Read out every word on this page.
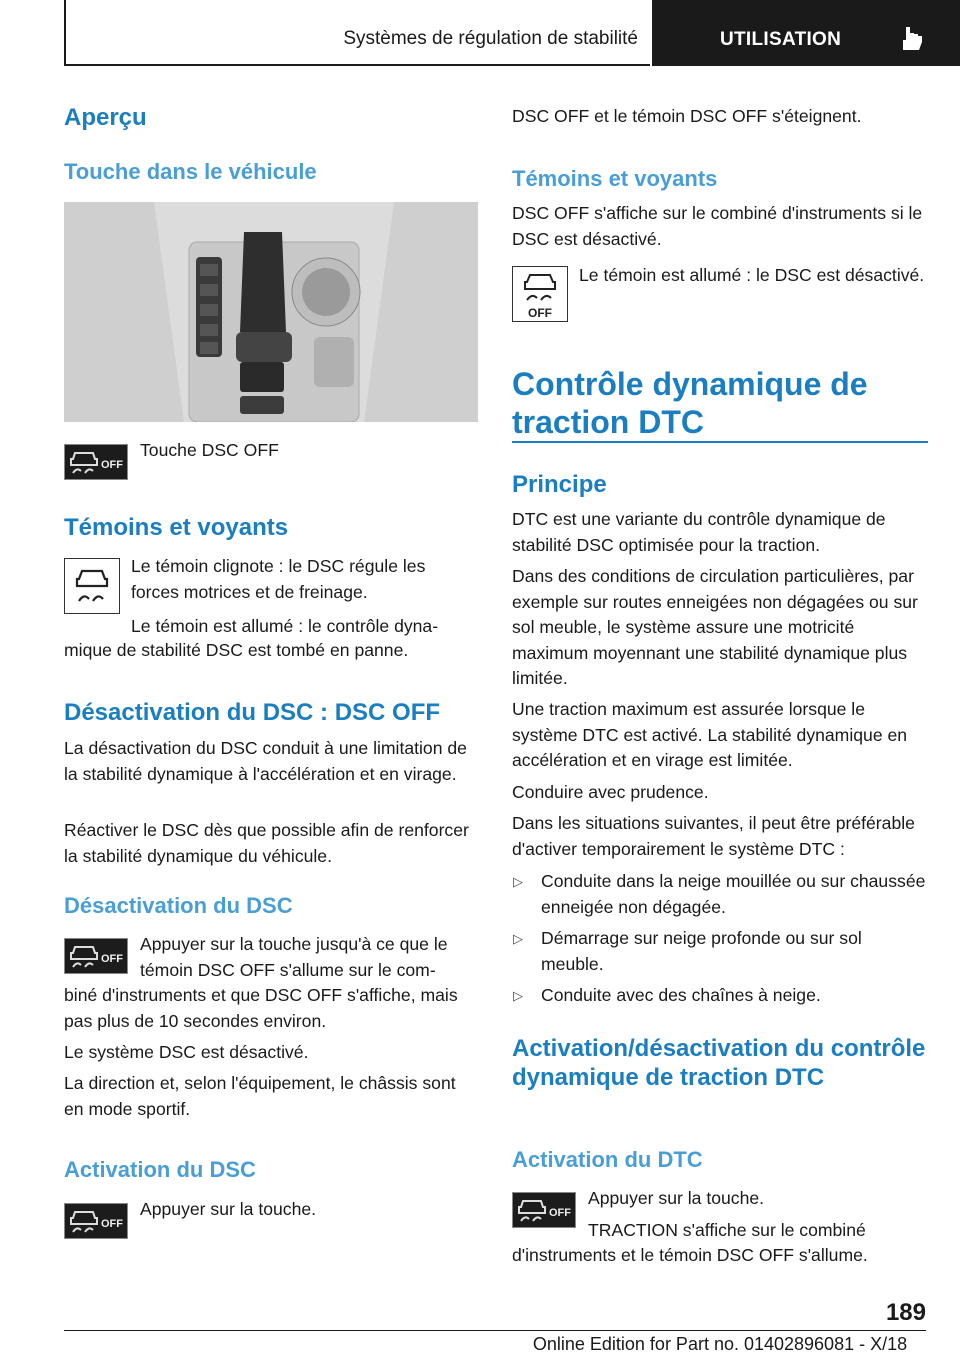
Systèmes de régulation de stabilité	UTILISATION
Aperçu
Touche dans le véhicule
OFF
Touche DSC OFF
Témoins et voyants
Le témoin clignote : le DSC régule les forces motrices et de freinage.
Le témoin est allumé : le contrôle dyna-
mique de stabilité DSC est tombé en panne.
Désactivation du DSC : DSC OFF
La désactivation du DSC conduit à une limitation de la stabilité dynamique à l'accélération et en virage.
Réactiver le DSC dès que possible afin de renforcer la stabilité dynamique du véhicule.
Désactivation du DSC
OFF
Appuyer sur la touche jusqu'à ce que le témoin DSC OFF s'allume sur le com-
biné d'instruments et que DSC OFF s'affiche, mais pas plus de 10 secondes environ.
Le système DSC est désactivé.
La direction et, selon l'équipement, le châssis sont en mode sportif.
Activation du DSC
OFF
Appuyer sur la touche.
DSC OFF et le témoin DSC OFF s'éteignent.
Témoins et voyants
DSC OFF s'affiche sur le combiné d'instruments si le DSC est désactivé.
OFF
Le témoin est allumé : le DSC est désactivé.
Contrôle dynamique de traction DTC
Principe
DTC est une variante du contrôle dynamique de stabilité DSC optimisée pour la traction.
Dans des conditions de circulation particulières, par exemple sur routes enneigées non dégagées ou sur sol meuble, le système assure une motricité maximum moyennant une stabilité dynamique plus limitée.
Une traction maximum est assurée lorsque le système DTC est activé. La stabilité dynamique en accélération et en virage est limitée.
Conduire avec prudence.
Dans les situations suivantes, il peut être préférable d'activer temporairement le système DTC :
▷ Conduite dans la neige mouillée ou sur chaussée enneigée non dégagée.
▷ Démarrage sur neige profonde ou sur sol meuble.
▷ Conduite avec des chaînes à neige.
Activation/désactivation du contrôle dynamique de traction DTC
Activation du DTC
OFF
Appuyer sur la touche.
TRACTION s'affiche sur le combiné
d'instruments et le témoin DSC OFF s'allume.
189
Online Edition for Part no. 01402896081 - X/18
